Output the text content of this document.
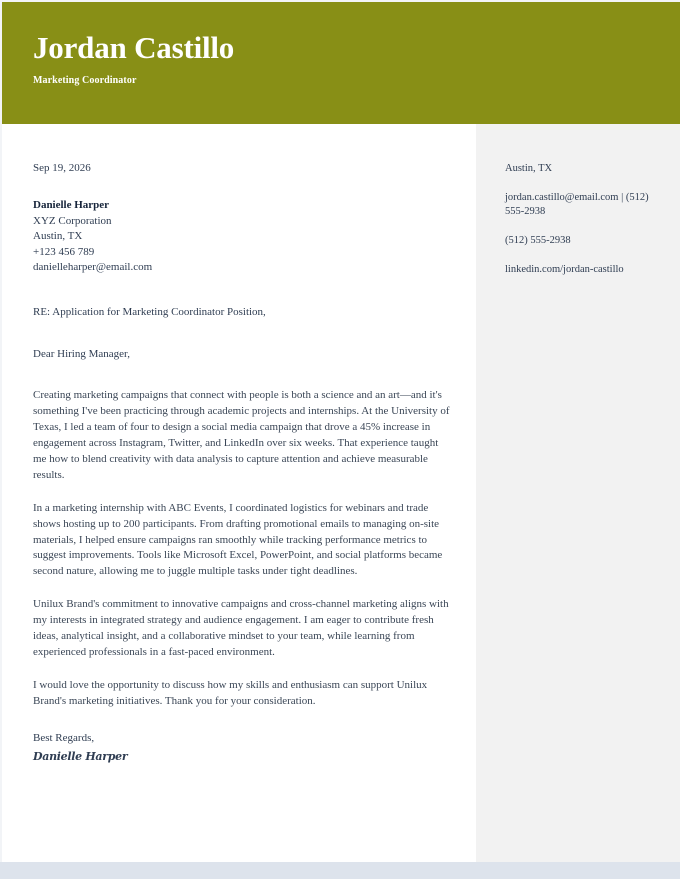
Jordan Castillo
Marketing Coordinator
Sep 19, 2026
Danielle Harper
XYZ Corporation
Austin, TX
+123 456 789
danielleharper@email.com
RE: Application for Marketing Coordinator Position,
Dear Hiring Manager,

Creating marketing campaigns that connect with people is both a science and an art—and it's something I've been practicing through academic projects and internships. At the University of Texas, I led a team of four to design a social media campaign that drove a 45% increase in engagement across Instagram, Twitter, and LinkedIn over six weeks. That experience taught me how to blend creativity with data analysis to capture attention and achieve measurable results.

In a marketing internship with ABC Events, I coordinated logistics for webinars and trade shows hosting up to 200 participants. From drafting promotional emails to managing on-site materials, I helped ensure campaigns ran smoothly while tracking performance metrics to suggest improvements. Tools like Microsoft Excel, PowerPoint, and social platforms became second nature, allowing me to juggle multiple tasks under tight deadlines.

Unilux Brand's commitment to innovative campaigns and cross-channel marketing aligns with my interests in integrated strategy and audience engagement. I am eager to contribute fresh ideas, analytical insight, and a collaborative mindset to your team, while learning from experienced professionals in a fast-paced environment.

I would love the opportunity to discuss how my skills and enthusiasm can support Unilux Brand's marketing initiatives. Thank you for your consideration.

Best Regards,
Danielle Harper
Austin, TX
jordan.castillo@email.com | (512) 555-2938
(512) 555-2938
linkedin.com/jordan-castillo
